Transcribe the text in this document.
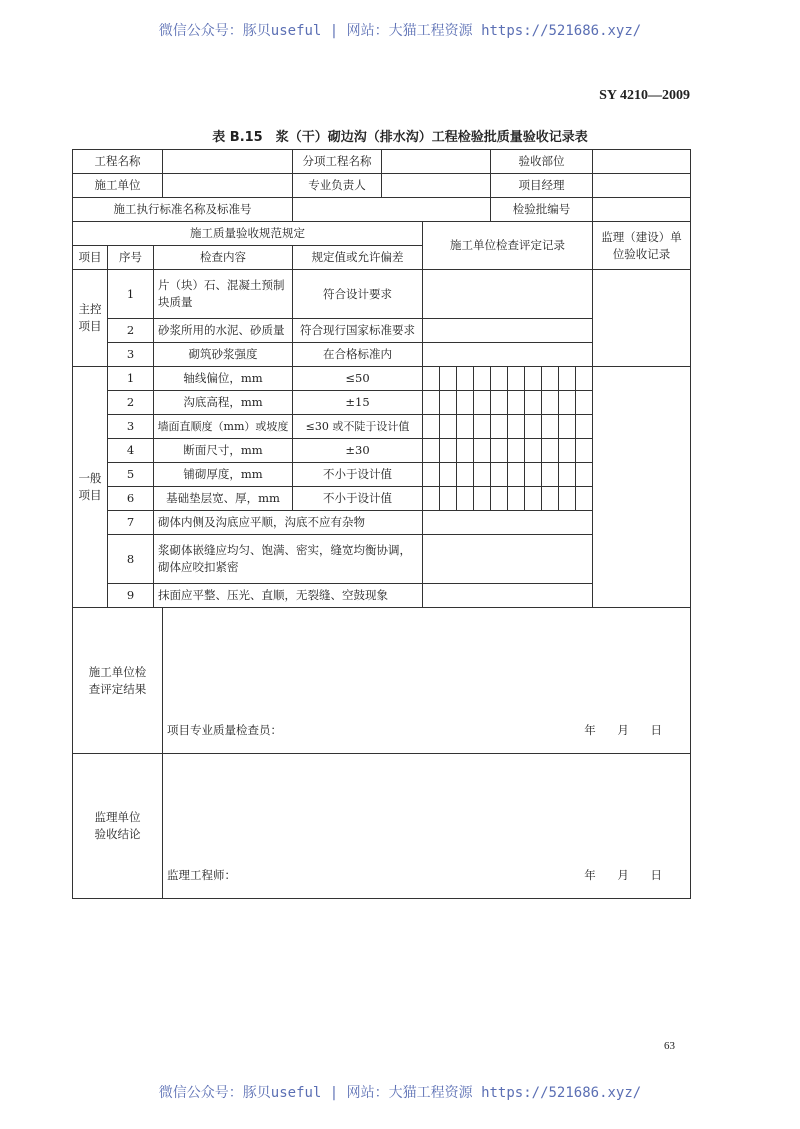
微信公众号：豚贝useful | 网站：大猫工程资源 https://521686.xyz/
SY 4210—2009
表 B.15　浆（干）砌边沟（排水沟）工程检验批质量验收记录表
工程名称				分项工程名称			验收部位	
施工单位				专业负责人			项目经理	
施工执行标准名称及标准号							检验批编号	
施工质量验收规范规定						施工单位检查评定记录		监理（建设）单位验收记录
项目	序号	检查内容		规定值或允许偏差				
主控项目	1	片（块）石、混凝土预制块质量		符合设计要求				
	2	砂浆所用的水泥、砂质量		符合现行国家标准要求				
	3	砌筑砂浆强度		在合格标准内				
一般项目	1	轴线偏位，mm		≤50			

	2	沟底高程，mm		±15				

	3	墙面直顺度（mm）或坡度		≤30 或不陡于设计值				

	4	断面尺寸，mm		±30				

	5	铺砌厚度，mm		不小于设计值				

	6	基础垫层宽、厚，mm		不小于设计值				

	7	砌体内侧及沟底应平顺，沟底不应有杂物						
	8	浆砌体嵌缝应均匀、饱满、密实，缝宽均衡协调，砌体应咬扣紧密						
	9	抹面应平整、压光、直顺，无裂缝、空鼓现象						
施工单位检查评定结果			项目专业质量检查员： 年 月 日					

监理单位验收结论			监理工程师： 年 月 日					
63
微信公众号：豚贝useful | 网站：大猫工程资源 https://521686.xyz/
